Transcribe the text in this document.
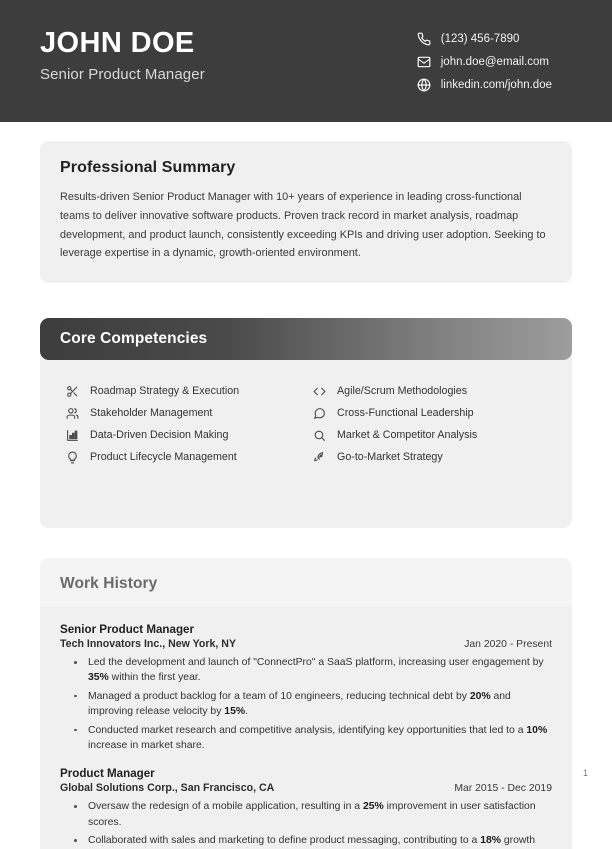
JOHN DOE
Senior Product Manager
(123) 456-7890
john.doe@email.com
linkedin.com/john.doe
Professional Summary

Results-driven Senior Product Manager with 10+ years of experience in leading cross-functional teams to deliver innovative software products. Proven track record in market analysis, roadmap development, and product launch, consistently exceeding KPIs and driving user adoption. Seeking to leverage expertise in a dynamic, growth-oriented environment.

Core Competencies
Roadmap Strategy & Execution	Agile/Scrum Methodologies
Stakeholder Management	Cross-Functional Leadership
Data-Driven Decision Making	Market & Competitor Analysis
Product Lifecycle Management	Go-to-Market Strategy
Work History
Senior Product Manager
Tech Innovators Inc., New York, NY	Jan 2020 - Present
Led the development and launch of "ConnectPro" a SaaS platform, increasing user engagement by 35% within the first year.
Managed a product backlog for a team of 10 engineers, reducing technical debt by 20% and improving release velocity by 15%.
Conducted market research and competitive analysis, identifying key opportunities that led to a 10% increase in market share.
Product Manager
Global Solutions Corp., San Francisco, CA	Mar 2015 - Dec 2019
Oversaw the redesign of a mobile application, resulting in a 25% improvement in user satisfaction scores.
Collaborated with sales and marketing to define product messaging, contributing to a 18% growth
1
